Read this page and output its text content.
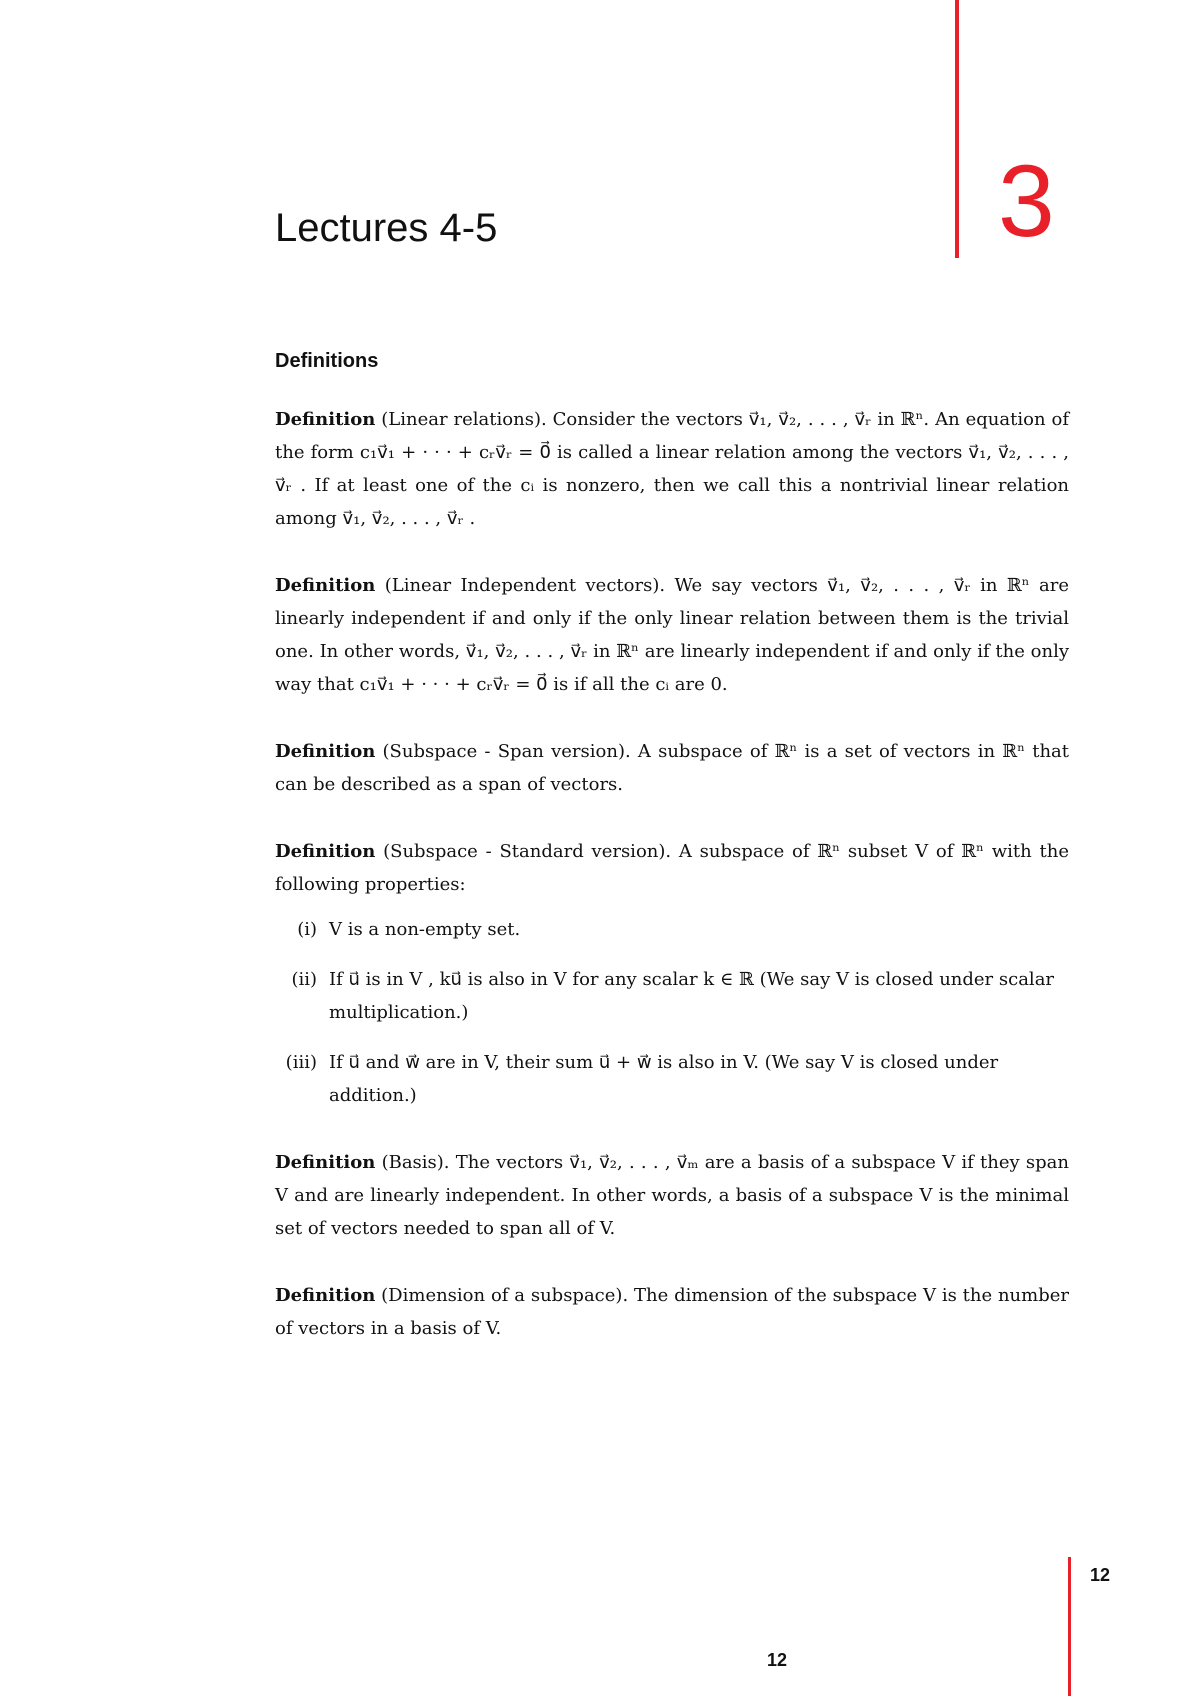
3
Lectures 4-5
Definitions

Definition (Linear relations). Consider the vectors v⃗₁, v⃗₂, . . . , v⃗ᵣ in ℝⁿ. An equation of the form c₁v⃗₁ + · · · + cᵣv⃗ᵣ = 0⃗ is called a linear relation among the vectors v⃗₁, v⃗₂, . . . , v⃗ᵣ . If at least one of the cᵢ is nonzero, then we call this a nontrivial linear relation among v⃗₁, v⃗₂, . . . , v⃗ᵣ .

Definition (Linear Independent vectors). We say vectors v⃗₁, v⃗₂, . . . , v⃗ᵣ in ℝⁿ are linearly independent if and only if the only linear relation between them is the trivial one. In other words, v⃗₁, v⃗₂, . . . , v⃗ᵣ in ℝⁿ are linearly independent if and only if the only way that c₁v⃗₁ + · · · + cᵣv⃗ᵣ = 0⃗ is if all the cᵢ are 0.

Definition (Subspace - Span version). A subspace of ℝⁿ is a set of vectors in ℝⁿ that can be described as a span of vectors.

Definition (Subspace - Standard version). A subspace of ℝⁿ subset V of ℝⁿ with the following properties:

(i) V is a non-empty set.
(ii) If u⃗ is in V , ku⃗ is also in V for any scalar k ∈ ℝ (We say V is closed under scalar multiplication.)
(iii) If u⃗ and w⃗ are in V, their sum u⃗ + w⃗ is also in V. (We say V is closed under addition.)

Definition (Basis). The vectors v⃗₁, v⃗₂, . . . , v⃗ₘ are a basis of a subspace V if they span V and are linearly independent. In other words, a basis of a subspace V is the minimal set of vectors needed to span all of V.

Definition (Dimension of a subspace). The dimension of the subspace V is the number of vectors in a basis of V.

12
12
